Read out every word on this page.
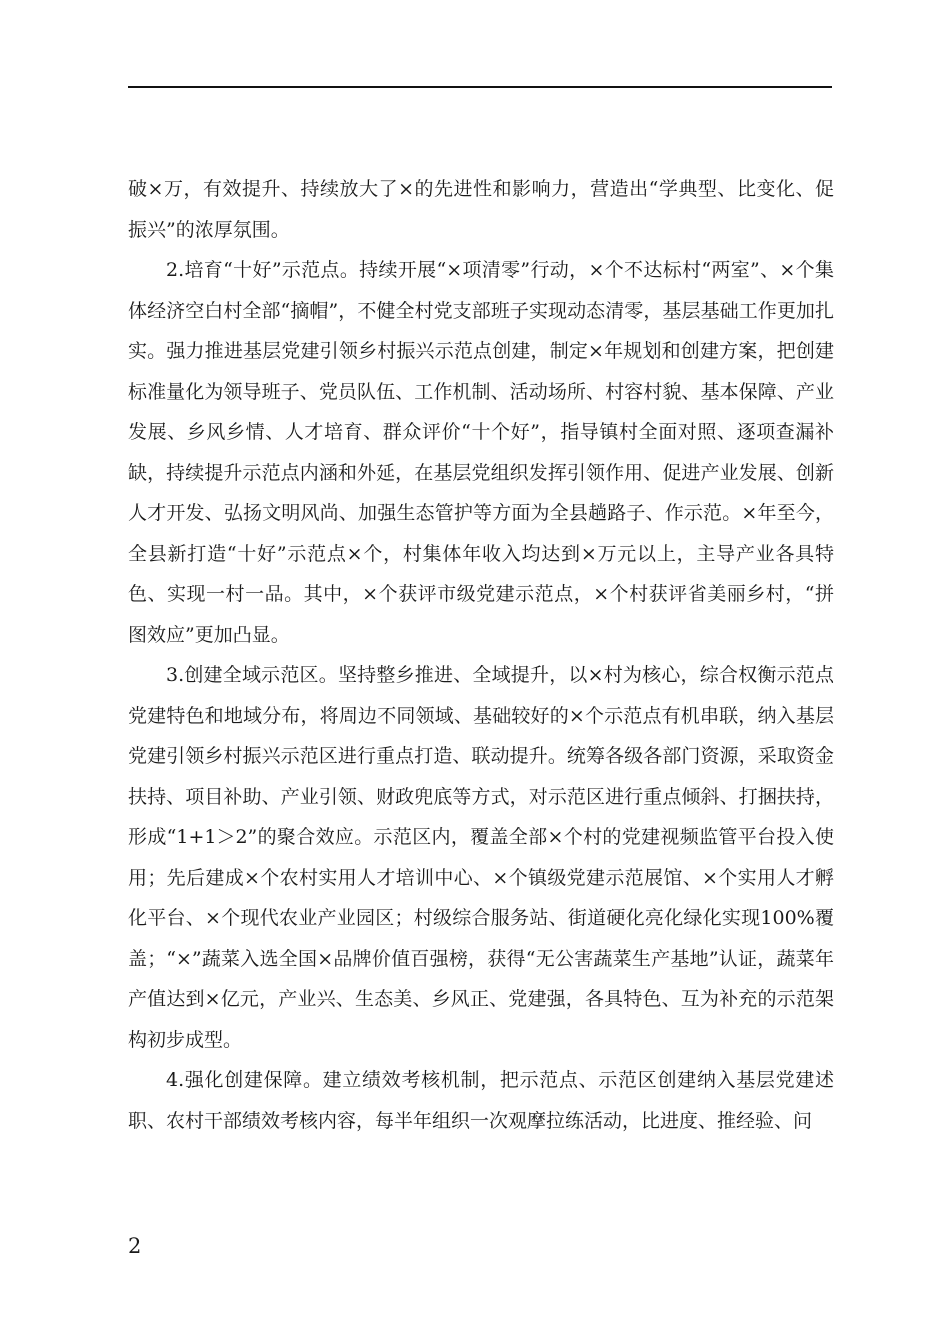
破×万，有效提升、持续放大了×的先进性和影响力，营造出“学典型、比变化、促振兴”的浓厚氛围。

2.培育“十好”示范点。持续开展“×项清零”行动，×个不达标村“两室”、×个集体经济空白村全部“摘帽”，不健全村党支部班子实现动态清零，基层基础工作更加扎实。强力推进基层党建引领乡村振兴示范点创建，制定×年规划和创建方案，把创建标准量化为领导班子、党员队伍、工作机制、活动场所、村容村貌、基本保障、产业发展、乡风乡情、人才培育、群众评价“十个好”，指导镇村全面对照、逐项查漏补缺，持续提升示范点内涵和外延，在基层党组织发挥引领作用、促进产业发展、创新人才开发、弘扬文明风尚、加强生态管护等方面为全县趟路子、作示范。×年至今，全县新打造“十好”示范点×个，村集体年收入均达到×万元以上，主导产业各具特色、实现一村一品。其中，×个获评市级党建示范点，×个村获评省美丽乡村，“拼图效应”更加凸显。

3.创建全域示范区。坚持整乡推进、全域提升，以×村为核心，综合权衡示范点党建特色和地域分布，将周边不同领域、基础较好的×个示范点有机串联，纳入基层党建引领乡村振兴示范区进行重点打造、联动提升。统筹各级各部门资源，采取资金扶持、项目补助、产业引领、财政兜底等方式，对示范区进行重点倾斜、打捆扶持，形成“1+1＞2”的聚合效应。示范区内，覆盖全部×个村的党建视频监管平台投入使用；先后建成×个农村实用人才培训中心、×个镇级党建示范展馆、×个实用人才孵化平台、×个现代农业产业园区；村级综合服务站、街道硬化亮化绿化实现100%覆盖；“×”蔬菜入选全国×品牌价值百强榜，获得“无公害蔬菜生产基地”认证，蔬菜年产值达到×亿元，产业兴、生态美、乡风正、党建强，各具特色、互为补充的示范架构初步成型。

4.强化创建保障。建立绩效考核机制，把示范点、示范区创建纳入基层党建述职、农村干部绩效考核内容，每半年组织一次观摩拉练活动，比进度、推经验、问

2
